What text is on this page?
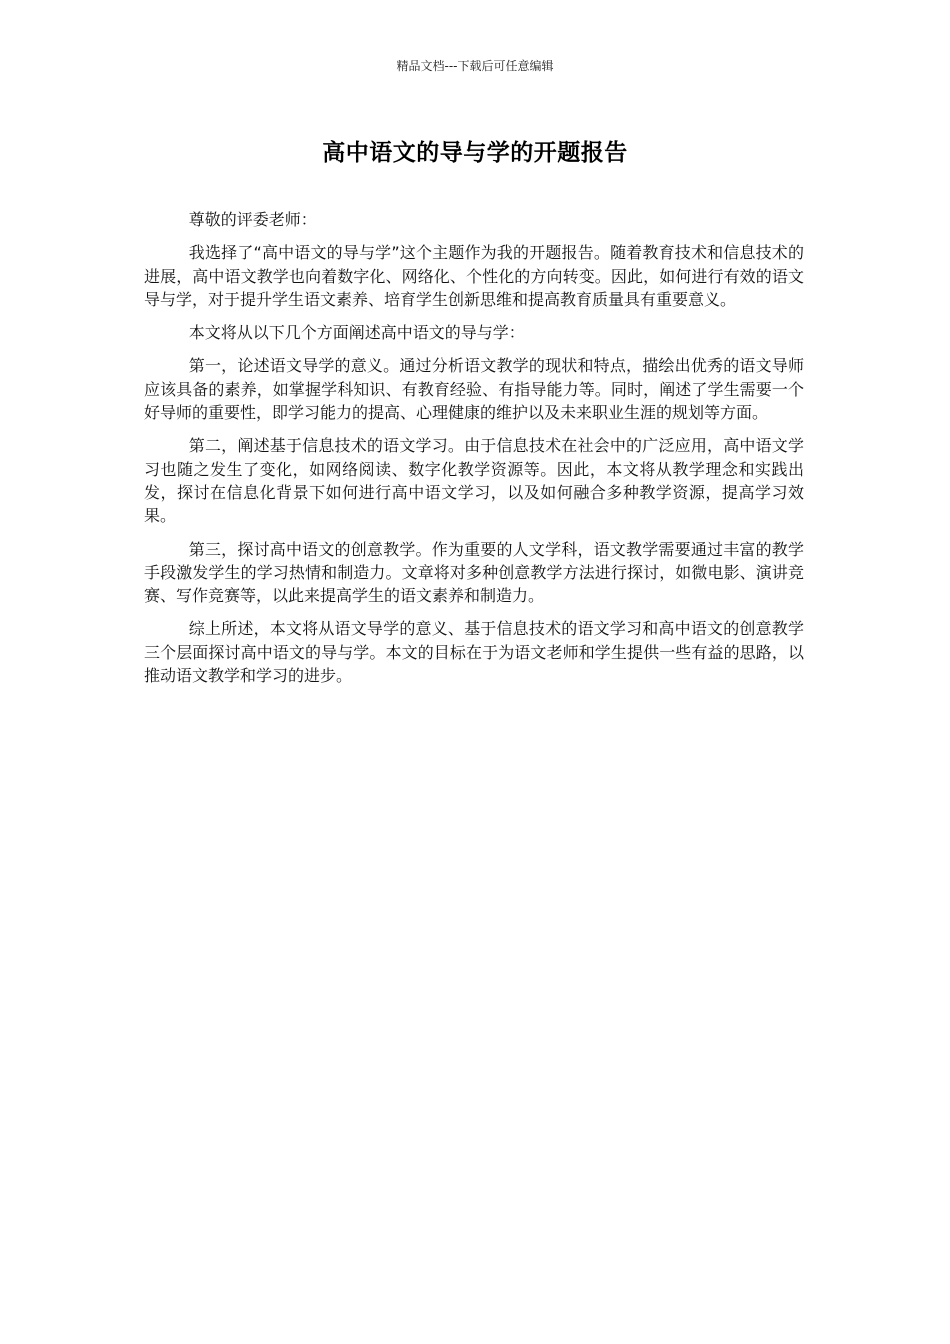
精品文档---下载后可任意编辑
高中语文的导与学的开题报告

尊敬的评委老师：

我选择了“高中语文的导与学”这个主题作为我的开题报告。随着教育技术和信息技术的进展，高中语文教学也向着数字化、网络化、个性化的方向转变。因此，如何进行有效的语文导与学，对于提升学生语文素养、培育学生创新思维和提高教育质量具有重要意义。

本文将从以下几个方面阐述高中语文的导与学：

第一，论述语文导学的意义。通过分析语文教学的现状和特点，描绘出优秀的语文导师应该具备的素养，如掌握学科知识、有教育经验、有指导能力等。同时，阐述了学生需要一个好导师的重要性，即学习能力的提高、心理健康的维护以及未来职业生涯的规划等方面。

第二，阐述基于信息技术的语文学习。由于信息技术在社会中的广泛应用，高中语文学习也随之发生了变化，如网络阅读、数字化教学资源等。因此，本文将从教学理念和实践出发，探讨在信息化背景下如何进行高中语文学习，以及如何融合多种教学资源，提高学习效果。

第三，探讨高中语文的创意教学。作为重要的人文学科，语文教学需要通过丰富的教学手段激发学生的学习热情和制造力。文章将对多种创意教学方法进行探讨，如微电影、演讲竞赛、写作竞赛等，以此来提高学生的语文素养和制造力。

综上所述，本文将从语文导学的意义、基于信息技术的语文学习和高中语文的创意教学三个层面探讨高中语文的导与学。本文的目标在于为语文老师和学生提供一些有益的思路，以推动语文教学和学习的进步。
